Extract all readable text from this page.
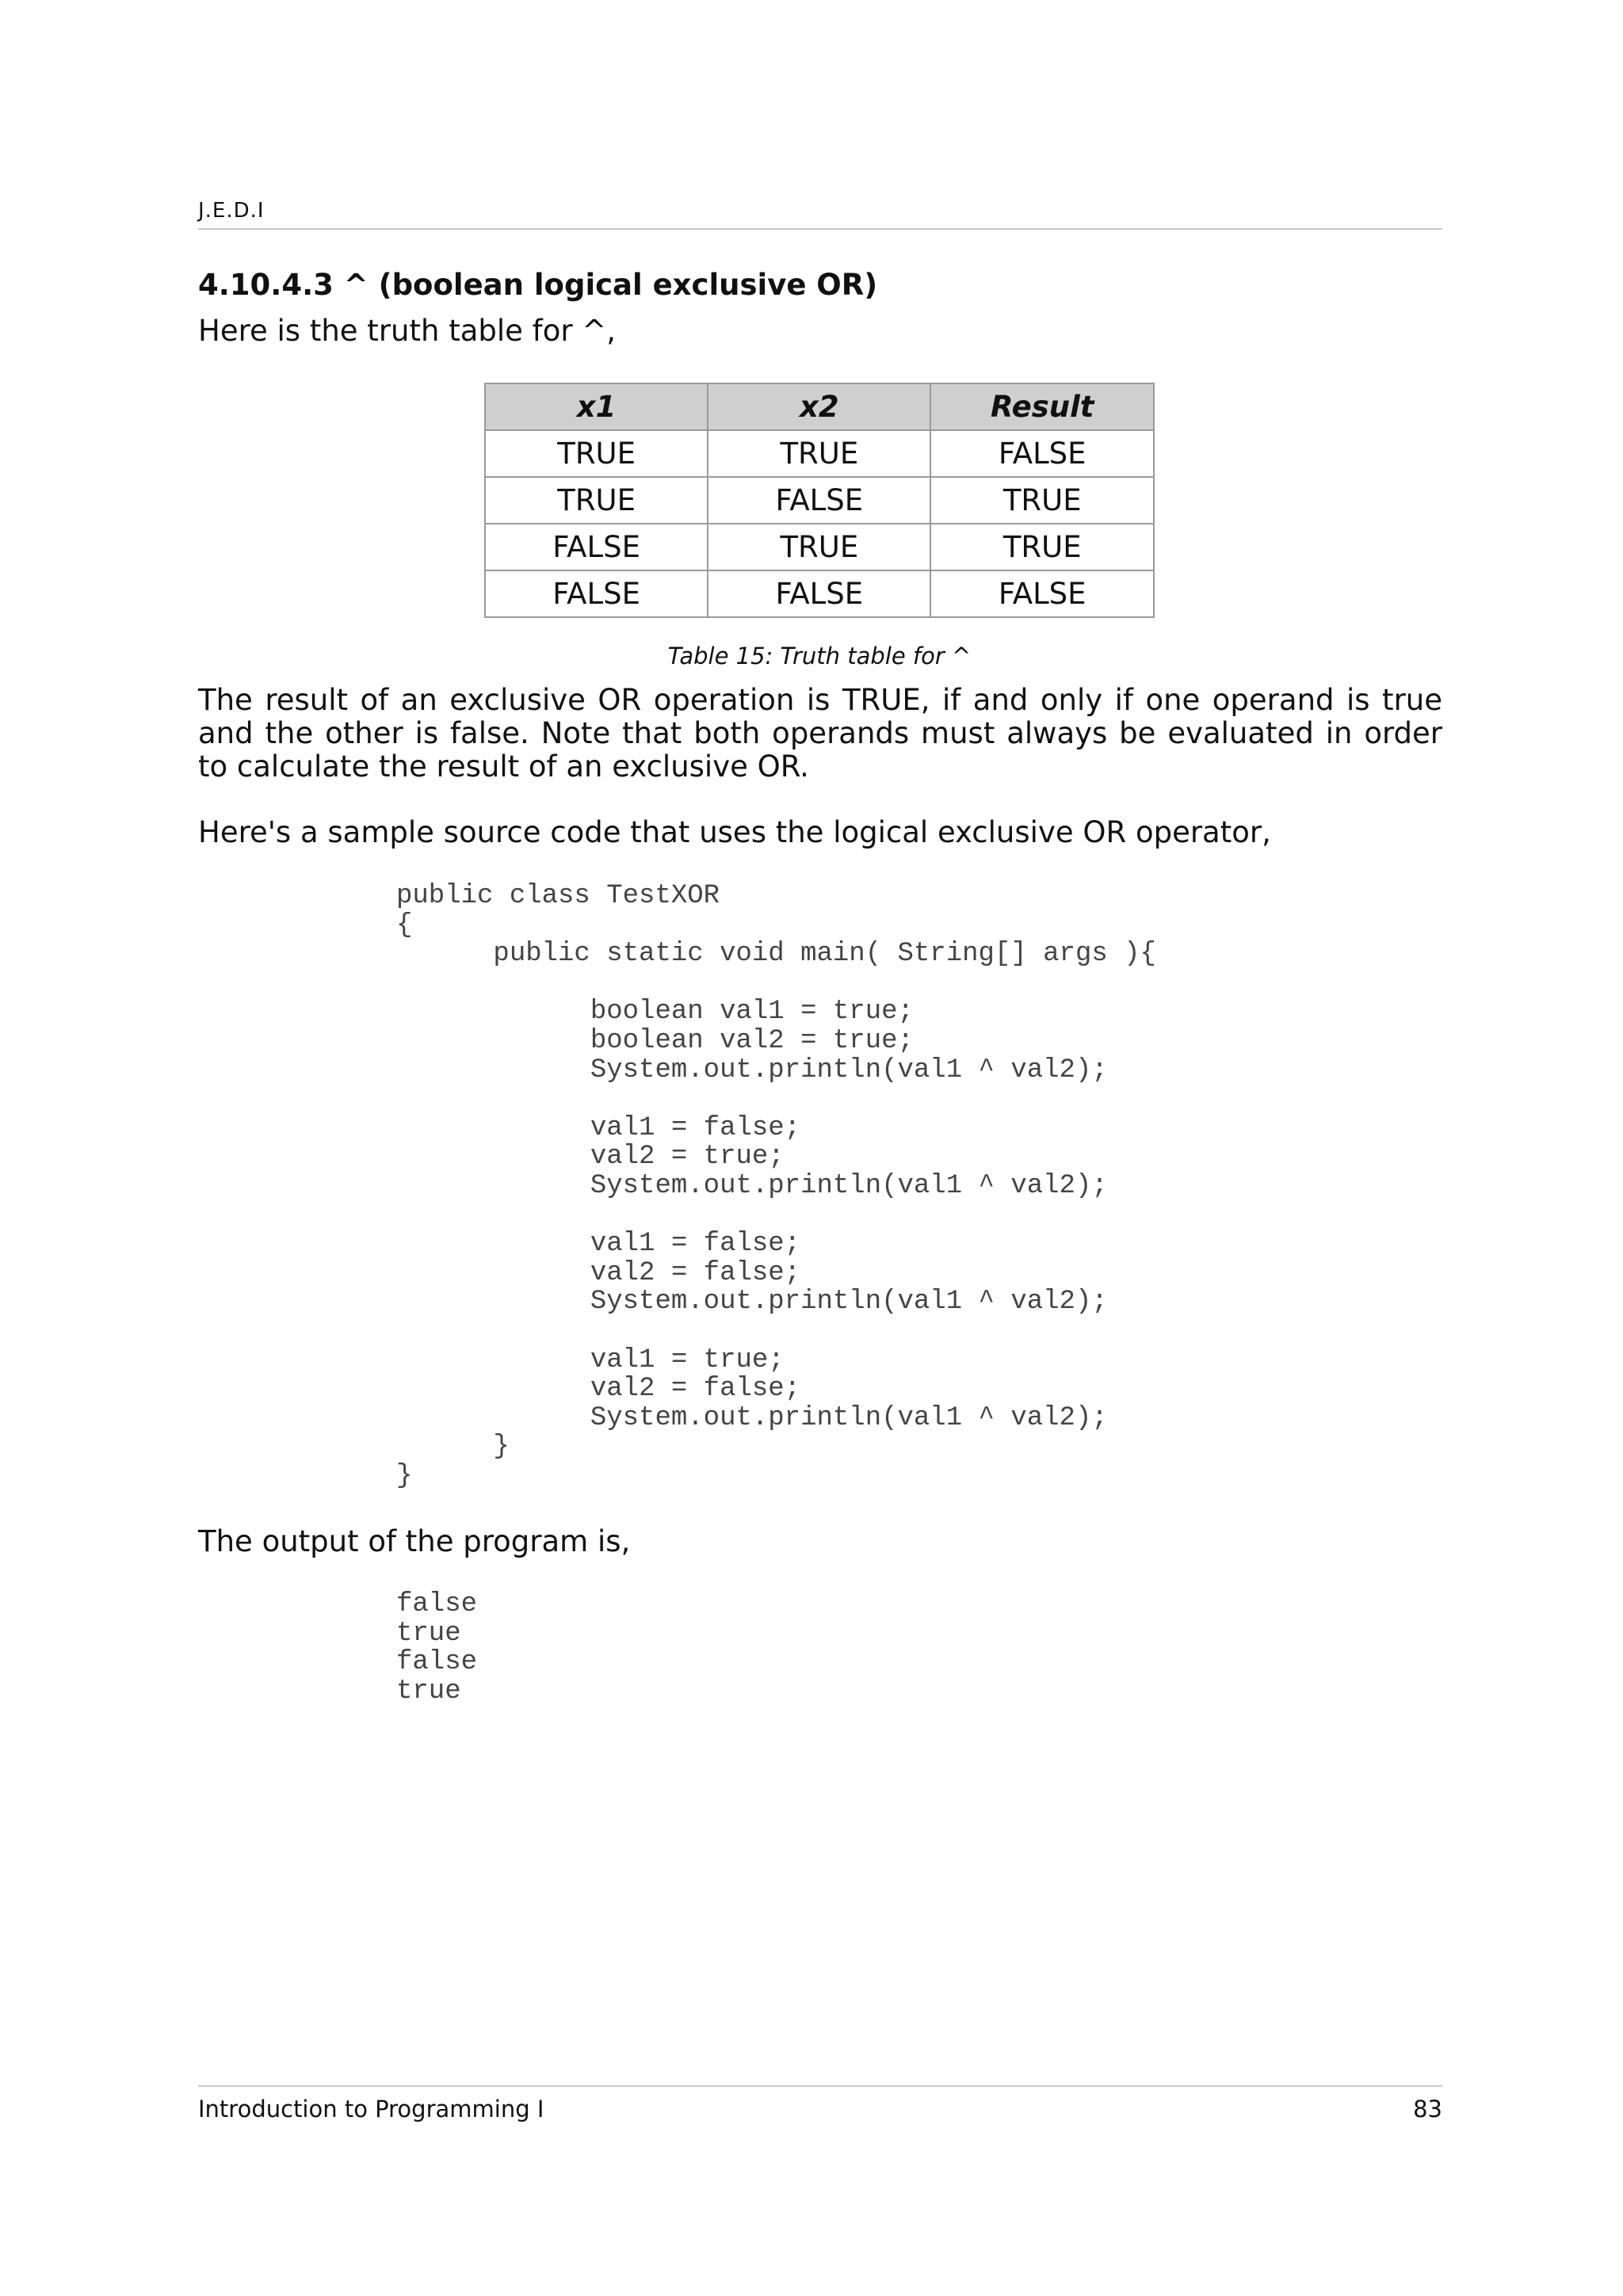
J.E.D.I
4.10.4.3 ^ (boolean logical exclusive OR)

Here is the truth table for ^,

x1	x2	Result
TRUE	TRUE	FALSE
TRUE	FALSE	TRUE
FALSE	TRUE	TRUE
FALSE	FALSE	FALSE
Table 15: Truth table for ^

The result of an exclusive OR operation is TRUE, if and only if one operand is true and the other is false. Note that both operands must always be evaluated in order to calculate the result of an exclusive OR.

Here's a sample source code that uses the logical exclusive OR operator,

public class TestXOR
{
public static void main( String[] args ){

boolean val1 = true;
boolean val2 = true;
System.out.println(val1 ^ val2);

val1 = false;
val2 = true;
System.out.println(val1 ^ val2);

val1 = false;
val2 = false;
System.out.println(val1 ^ val2);

val1 = true;
val2 = false;
System.out.println(val1 ^ val2);
}
}

The output of the program is,

false
true
false
true
Introduction to Programming I	83
